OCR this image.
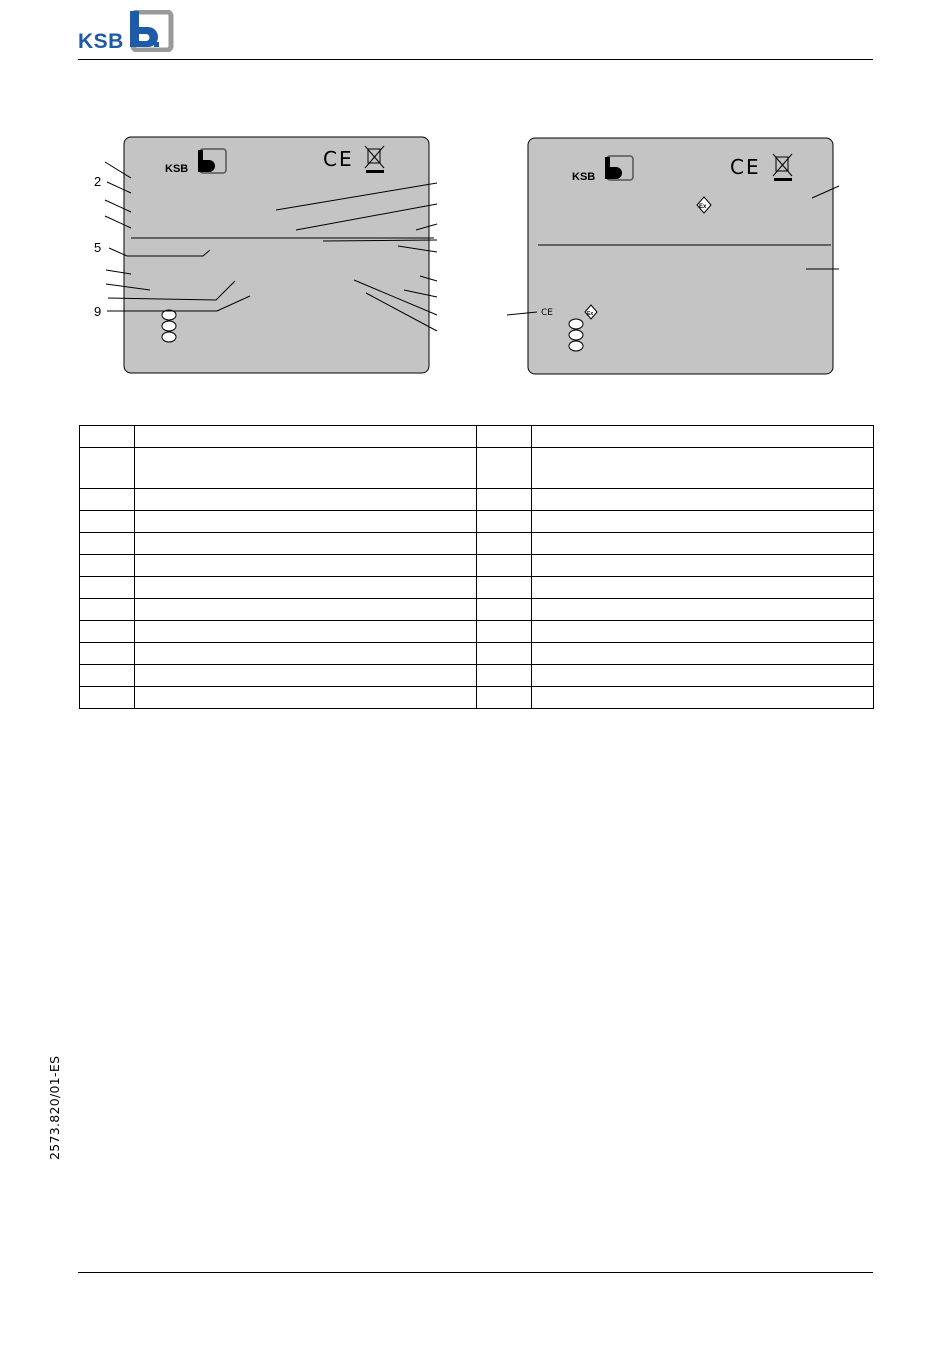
KSB
KSB	CE
2
5
9
KSB	CE
Ex
CE	Ex

2573.820/01-ES
